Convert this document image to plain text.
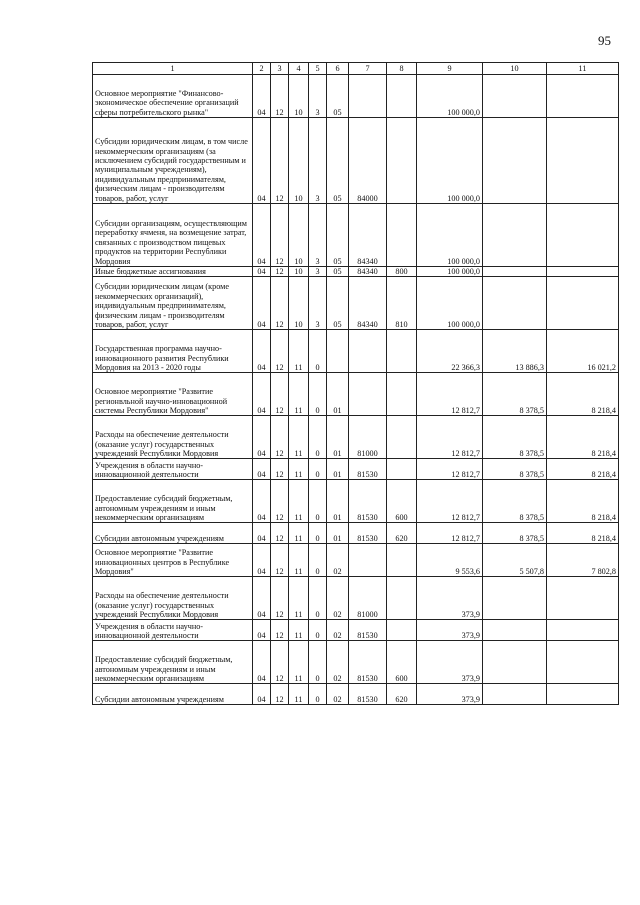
95
1	2	3	4	5	6	7	8	9	10	11
Основное мероприятие "Финансово-экономическое обеспечение организаций сферы потребительского рынка"	04	12	10	3	05			100 000,0		
Субсидии юридическим лицам, в том числе некоммерческим организациям (за исключением субсидий государственным и муниципальным учреждениям), индивидуальным предпринимателям, физическим лицам - производителям товаров, работ, услуг	04	12	10	3	05	84000		100 000,0		
Субсидии организациям, осуществляющим переработку ячменя, на возмещение затрат, связанных с производством пищевых продуктов на территории Республики Мордовия	04	12	10	3	05	84340		100 000,0		
Иные бюджетные ассигнования	04	12	10	3	05	84340	800	100 000,0		
Субсидии юридическим лицам (кроме некоммерческих организаций), индивидуальным предпринимателям, физическим лицам - производителям товаров, работ, услуг	04	12	10	3	05	84340	810	100 000,0		
Государственная программа научно-инновационного развития Республики Мордовия на 2013 - 2020 годы	04	12	11	0				22 366,3	13 886,3	16 021,2
Основное мероприятие "Развитие регионвльной научно-инновационной системы Республики Мордовия"	04	12	11	0	01			12 812,7	8 378,5	8 218,4
Расходы на обеспечение деятельности (оказание услуг) государственных учреждений Республики Мордовия	04	12	11	0	01	81000		12 812,7	8 378,5	8 218,4
Учреждения в области научно-инновационной деятельности	04	12	11	0	01	81530		12 812,7	8 378,5	8 218,4
Предоставление субсидий бюджетным, автономным учреждениям и иным некоммерческим организациям	04	12	11	0	01	81530	600	12 812,7	8 378,5	8 218,4
Субсидии автономным учреждениям	04	12	11	0	01	81530	620	12 812,7	8 378,5	8 218,4
Основное мероприятие "Развитие инновационных центров в Республике Мордовия"	04	12	11	0	02			9 553,6	5 507,8	7 802,8
Расходы на обеспечение деятельности (оказание услуг) государственных учреждений Республики Мордовия	04	12	11	0	02	81000		373,9		
Учреждения в области научно-инновационной деятельности	04	12	11	0	02	81530		373,9		
Предоставление субсидий бюджетным, автономным учреждениям и иным некоммерческим организациям	04	12	11	0	02	81530	600	373,9		
Субсидии автономным учреждениям	04	12	11	0	02	81530	620	373,9		
